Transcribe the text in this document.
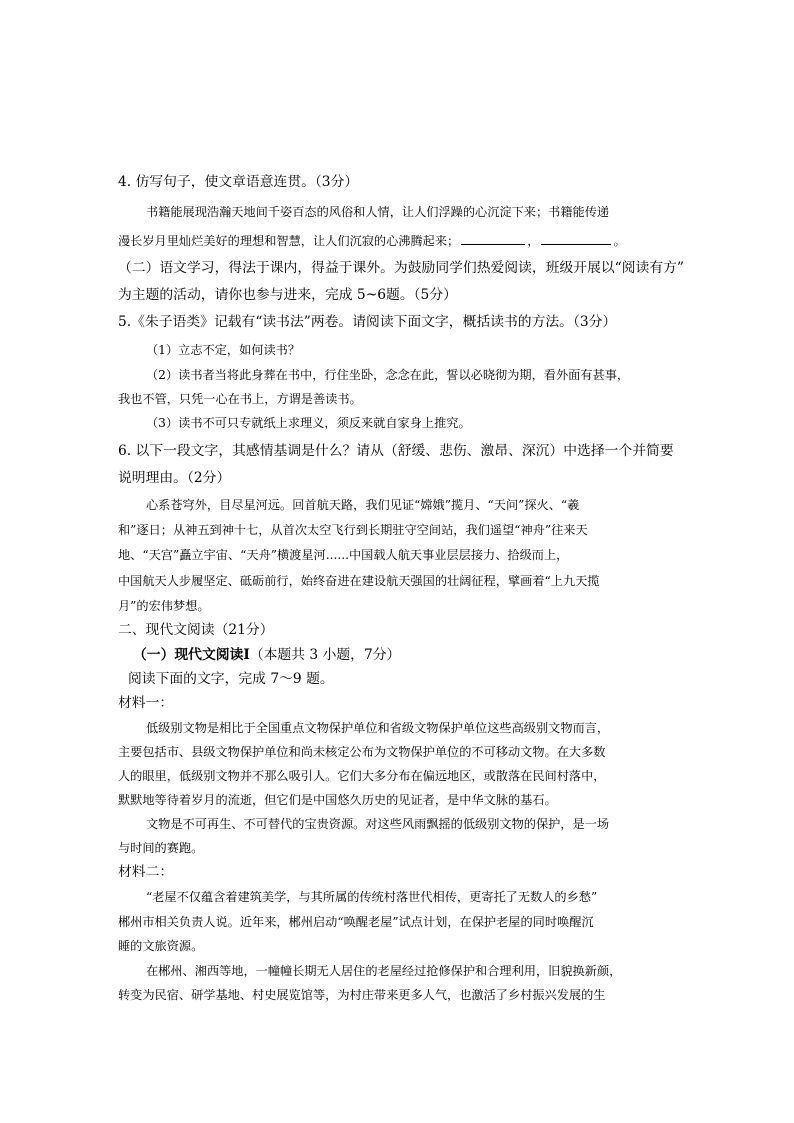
4. 仿写句子，使文章语意连贯。（3分）
书籍能展现浩瀚天地间千姿百态的风俗和人情，让人们浮躁的心沉淀下来；书籍能传递
漫长岁月里灿烂美好的理想和智慧，让人们沉寂的心沸腾起来；	，	。
（二）语文学习，得法于课内，得益于课外。为鼓励同学们热爱阅读，班级开展以“阅读有方”
为主题的活动，请你也参与进来，完成 5~6题。（5分）
5.《朱子语类》记载有“读书法”两卷。请阅读下面文字，概括读书的方法。（3分）
（1）立志不定，如何读书？
（2）读书者当将此身葬在书中，行住坐卧，念念在此，誓以必晓彻为期，看外面有甚事，
我也不管，只凭一心在书上，方谓是善读书。
（3）读书不可只专就纸上求理义，须反来就自家身上推究。
6. 以下一段文字，其感情基调是什么？请从（舒缓、悲伤、激昂、深沉）中选择一个并简要
说明理由。（2分）
心系苍穹外，目尽星河远。回首航天路，我们见证“嫦娥”揽月、“天问”探火、“羲
和”逐日；从神五到神十七，从首次太空飞行到长期驻守空间站，我们遥望“神舟”往来天
地、“天宫”矗立宇宙、“天舟”横渡星河......中国载人航天事业层层接力、拾级而上，
中国航天人步履坚定、砥砺前行，始终奋进在建设航天强国的壮阔征程，擘画着“上九天揽
月”的宏伟梦想。
二、现代文阅读（21分）
（一）现代文阅读Ⅰ（本题共 3 小题，7分）
阅读下面的文字，完成 7～9 题。
材料一：
低级别文物是相比于全国重点文物保护单位和省级文物保护单位这些高级别文物而言，
主要包括市、县级文物保护单位和尚未核定公布为文物保护单位的不可移动文物。在大多数
人的眼里，低级别文物并不那么吸引人。它们大多分布在偏远地区，或散落在民间村落中，
默默地等待着岁月的流逝，但它们是中国悠久历史的见证者，是中华文脉的基石。
文物是不可再生、不可替代的宝贵资源。对这些风雨飘摇的低级别文物的保护，是一场
与时间的赛跑。
材料二：
“老屋不仅蕴含着建筑美学，与其所属的传统村落世代相传，更寄托了无数人的乡愁”
郴州市相关负责人说。近年来，郴州启动“唤醒老屋”试点计划，在保护老屋的同时唤醒沉
睡的文旅资源。
在郴州、湘西等地，一幢幢长期无人居住的老屋经过抢修保护和合理利用，旧貌换新颜，
转变为民宿、研学基地、村史展览馆等，为村庄带来更多人气，也激活了乡村振兴发展的生
